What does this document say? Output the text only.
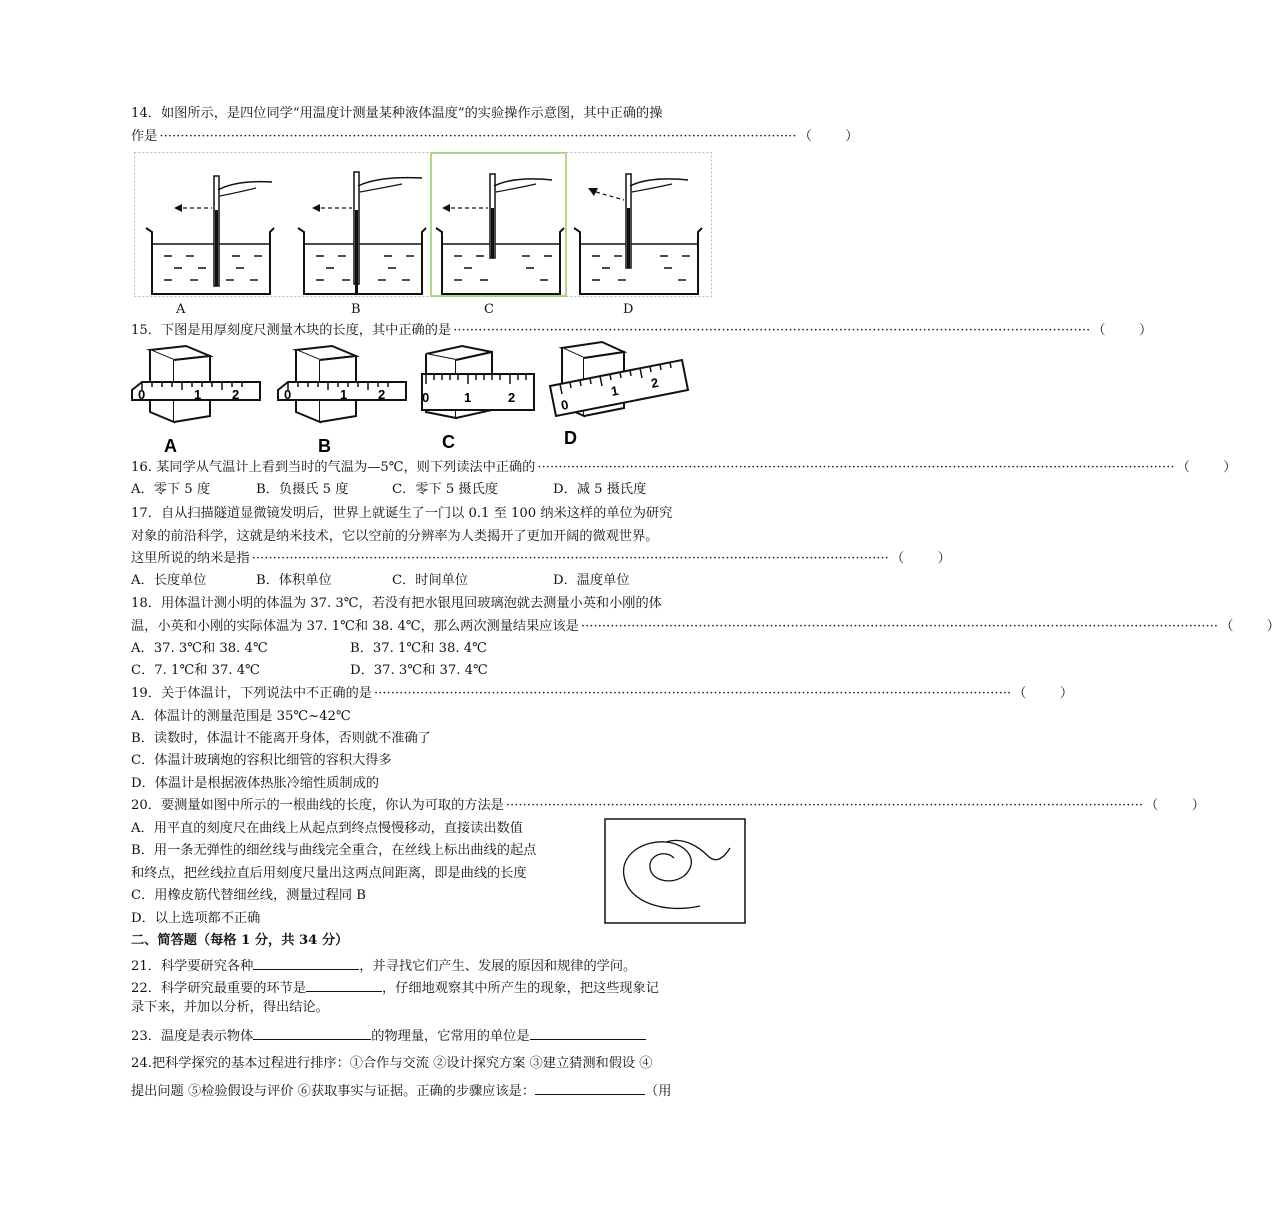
14．如图所示，是四位同学“用温度计测量某种液体温度”的实验操作示意图，其中正确的操
作是 ························································································································································ （        ）
A	B	C	D
15．下图是用厚刻度尺测量木块的长度，其中正确的是 ························································································································································ （        ）
0	1 2
A
0	1 2
B
0	1	2
C
0
1 2
D
16. 某同学从气温计上看到当时的气温为—5℃，则下列读法中正确的 ························································································································································ （        ）
A．零下 5 度	B．负摄氏 5 度	C．零下 5 摄氏度	D．减 5 摄氏度
17．自从扫描隧道显微镜发明后，世界上就诞生了一门以 0.1 至 100 纳米这样的单位为研究
对象的前沿科学，这就是纳米技术，它以空前的分辨率为人类揭开了更加开阔的微观世界。
这里所说的纳米是指 ························································································································································ （        ）
A．长度单位	B．体积单位	C．时间单位	D．温度单位
18．用体温计测小明的体温为 37. 3℃，若没有把水银甩回玻璃泡就去测量小英和小刚的体
温，小英和小刚的实际体温为 37. 1℃和 38. 4℃，那么两次测量结果应该是 ························································································································································ （        ）
A．37. 3℃和 38. 4℃	B．37. 1℃和 38. 4℃
C．7. 1℃和 37. 4℃	D．37. 3℃和 37. 4℃
19．关于体温计，下列说法中不正确的是 ························································································································································ （        ）
A．体温计的测量范围是 35℃~42℃
B．读数时，体温计不能离开身体，否则就不准确了
C．体温计玻璃炮的容积比细管的容积大得多
D．体温计是根据液体热胀冷缩性质制成的
20．要测量如图中所示的一根曲线的长度，你认为可取的方法是 ························································································································································ （        ）
A．用平直的刻度尺在曲线上从起点到终点慢慢移动，直接读出数值
B．用一条无弹性的细丝线与曲线完全重合，在丝线上标出曲线的起点
和终点，把丝线拉直后用刻度尺量出这两点间距离，即是曲线的长度
C．用橡皮筋代替细丝线，测量过程同 B
D．以上选项都不正确
二、简答题（每格 1 分，共 34 分）
21．科学要研究各种	，并寻找它们产生、发展的原因和规律的学问。
22．科学研究最重要的环节是	，仔细地观察其中所产生的现象，把这些现象记
录下来，并加以分析，得出结论。
23．温度是表示物体	的物理量，它常用的单位是
24.把科学探究的基本过程进行排序：①合作与交流 ②设计探究方案 ③建立猜测和假设 ④
提出问题 ⑤检验假设与评价 ⑥获取事实与证据。正确的步骤应该是：	（用
